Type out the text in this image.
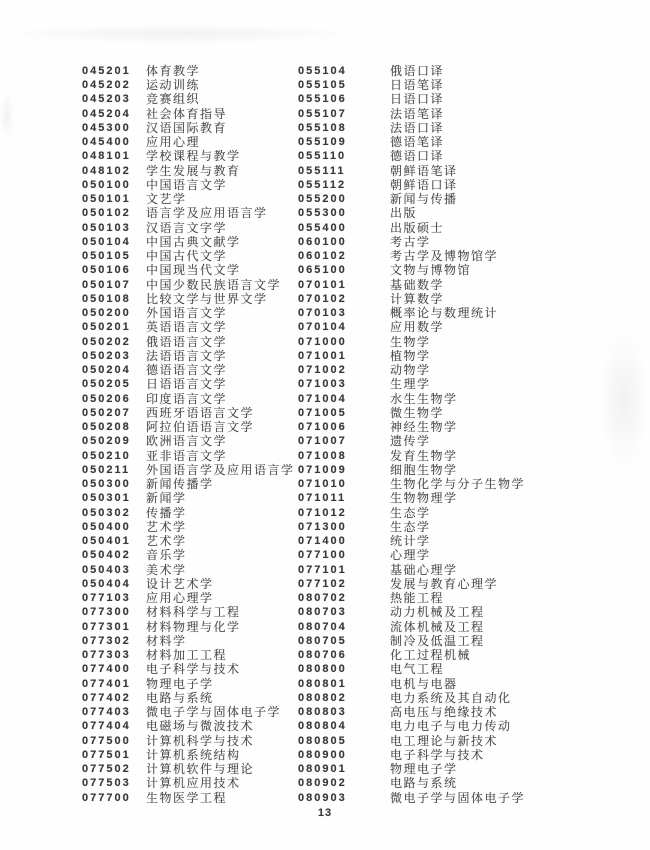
045201	体育教学
045202	运动训练
045203	竞赛组织
045204	社会体育指导
045300	汉语国际教育
045400	应用心理
048101	学校课程与教学
048102	学生发展与教育
050100	中国语言文学
050101	文艺学
050102	语言学及应用语言学
050103	汉语言文字学
050104	中国古典文献学
050105	中国古代文学
050106	中国现当代文学
050107	中国少数民族语言文学
050108	比较文学与世界文学
050200	外国语言文学
050201	英语语言文学
050202	俄语语言文学
050203	法语语言文学
050204	德语语言文学
050205	日语语言文学
050206	印度语言文学
050207	西班牙语语言文学
050208	阿拉伯语语言文学
050209	欧洲语言文学
050210	亚非语言文学
050211	外国语言学及应用语言学
050300	新闻传播学
050301	新闻学
050302	传播学
050400	艺术学
050401	艺术学
050402	音乐学
050403	美术学
050404	设计艺术学
077103	应用心理学
077300	材料科学与工程
077301	材料物理与化学
077302	材料学
077303	材料加工工程
077400	电子科学与技术
077401	物理电子学
077402	电路与系统
077403	微电子学与固体电子学
077404	电磁场与微波技术
077500	计算机科学与技术
077501	计算机系统结构
077502	计算机软件与理论
077503	计算机应用技术
077700	生物医学工程
055104	俄语口译
055105	日语笔译
055106	日语口译
055107	法语笔译
055108	法语口译
055109	德语笔译
055110	德语口译
055111	朝鲜语笔译
055112	朝鲜语口译
055200	新闻与传播
055300	出版
055400	出版硕士
060100	考古学
060102	考古学及博物馆学
065100	文物与博物馆
070101	基础数学
070102	计算数学
070103	概率论与数理统计
070104	应用数学
071000	生物学
071001	植物学
071002	动物学
071003	生理学
071004	水生生物学
071005	微生物学
071006	神经生物学
071007	遗传学
071008	发育生物学
071009	细胞生物学
071010	生物化学与分子生物学
071011	生物物理学
071012	生态学
071300	生态学
071400	统计学
077100	心理学
077101	基础心理学
077102	发展与教育心理学
080702	热能工程
080703	动力机械及工程
080704	流体机械及工程
080705	制冷及低温工程
080706	化工过程机械
080800	电气工程
080801	电机与电器
080802	电力系统及其自动化
080803	高电压与绝缘技术
080804	电力电子与电力传动
080805	电工理论与新技术
080900	电子科学与技术
080901	物理电子学
080902	电路与系统
080903	微电子学与固体电子学
13
